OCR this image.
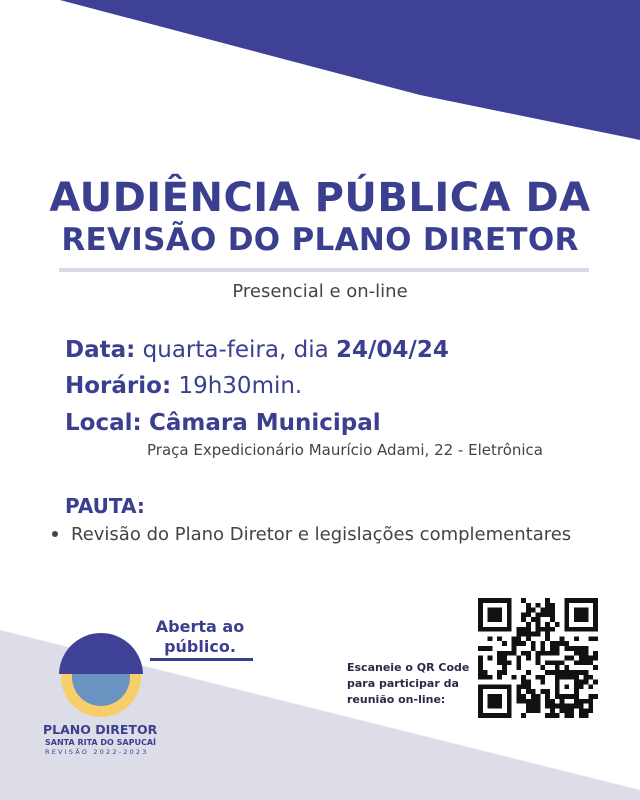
AUDIÊNCIA PÚBLICA DA
REVISÃO DO PLANO DIRETOR
Presencial e on-line
Data: quarta-feira, dia 24/04/24
Horário: 19h30min.
Local: Câmara Municipal
Praça Expedicionário Maurício Adami, 22 - Eletrônica
PAUTA:
Revisão do Plano Diretor e legislações complementares
Aberta ao público.
PLANO DIRETOR
SANTA RITA DO SAPUCAÍ
REVISÃO 2022-2023
Escaneie o QR Code para participar da reunião on-line:
